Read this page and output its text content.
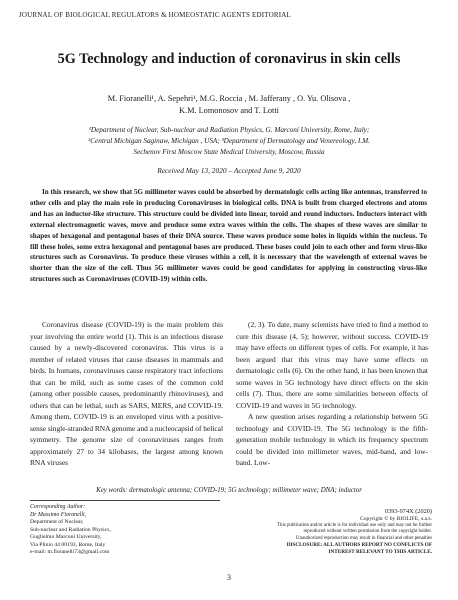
JOURNAL OF BIOLOGICAL REGULATORS & HOMEOSTATIC AGENTS EDITORIAL
5G Technology and induction of coronavirus in skin cells
M. Fioranelli¹, A. Sepehri¹, M.G. Roccia , M. Jafferany , O. Yu. Olisova ,
K.M. Lomonosov and T. Lotti
¹Department of Nuclear, Sub-nuclear and Radiation Physics, G. Marconi University, Rome, Italy;
²Central Michigan Saginaw, Michigan , USA; ³Department of Dermatology and Venereology, I.M.
Sechenov First Moscow State Medical University, Moscow, Russia
Received May 13, 2020 – Accepted June 9, 2020
In this research, we show that 5G millimeter waves could be absorbed by dermatologic cells acting like antennas, transferred to other cells and play the main role in producing Coronaviruses in biological cells. DNA is built from charged electrons and atoms and has an inductor-like structure. This structure could be divided into linear, toroid and round inductors. Inductors interact with external electromagnetic waves, move and produce some extra waves within the cells. The shapes of these waves are similar to shapes of hexagonal and pentagonal bases of their DNA source. These waves produce some holes in liquids within the nucleus. To fill these holes, some extra hexagonal and pentagonal bases are produced. These bases could join to each other and form virus-like structures such as Coronavirus. To produce these viruses within a cell, it is necessary that the wavelength of external waves be shorter than the size of the cell. Thus 5G millimeter waves could be good candidates for applying in constructing virus-like structures such as Coronaviruses (COVID-19) within cells.

Coronavirus disease (COVID-19) is the main problem this year involving the entire world (1). This is an infectious disease caused by a newly-discovered coronavirus. This virus is a member of related viruses that cause diseases in mammals and birds. In humans, coronaviruses cause respiratory tract infections that can be mild, such as some cases of the common cold (among other possible causes, predominantly rhinoviruses), and others that can be lethal, such as SARS, MERS, and COVID-19. Among them, COVID-19 is an enveloped virus with a positive-sense single-stranded RNA genome and a nucleocapsid of helical symmetry. The genome size of coronaviruses ranges from approximately 27 to 34 kilobases, the largest among known RNA viruses

(2, 3). To date, many scientists have tried to find a method to cure this disease (4, 5); however, without success. COVID-19 may have effects on different types of cells. For example, it has been argued that this virus may have some effects on dermatologic cells (6). On the other hand, it has been known that some waves in 5G technology have direct effects on the skin cells (7). Thus, there are some similarities between effects of COVID-19 and waves in 5G technology.

A new question arises regarding a relationship between 5G technology and COVID-19. The 5G technology is the fifth-generation mobile technology in which its frequency spectrum could be divided into millimeter waves, mid-band, and low-band. Low-

Key words: dermatologic antenna; COVID-19; 5G technology; millimeter wave; DNA; inductor
Corresponding Author:
Dr Massimo Fioranelli,
Department of Nuclear,
Sub-nuclear and Radiation Physics,
Guglielmo Marconi University,
Via Plinio 44 00193, Rome, Italy
e-mail: m.fioranelli73@gmail.com
3
0393-974X (2020)
Copyright © by BIOLIFE, s.a.s.
This publication and/or article is for individual use only and may not be further
reproduced without written permission from the copyright holder.
Unauthorized reproduction may result in financial and other penalties
DISCLOSURE: ALL AUTHORS REPORT NO CONFLICTS OF
INTEREST RELEVANT TO THIS ARTICLE.
